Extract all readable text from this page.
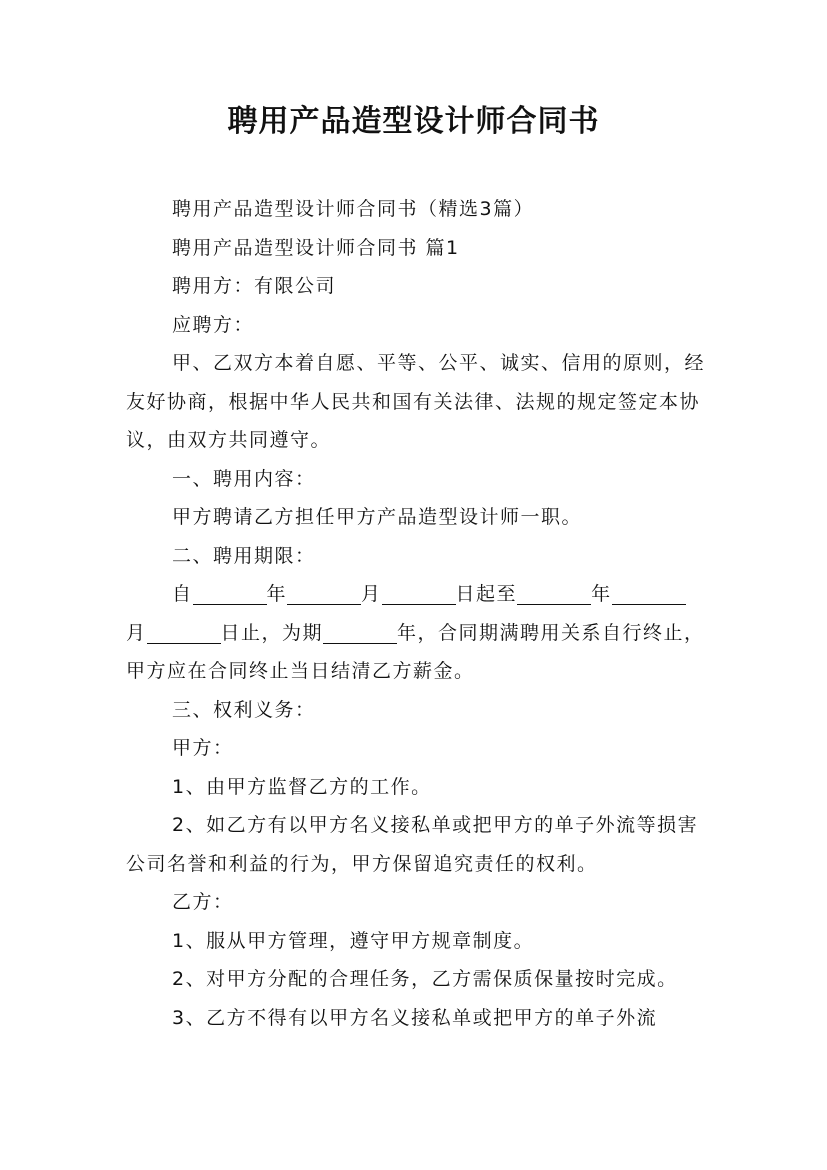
聘用产品造型设计师合同书

聘用产品造型设计师合同书（精选3篇）

聘用产品造型设计师合同书 篇1

聘用方：有限公司

应聘方：

甲、乙双方本着自愿、平等、公平、诚实、信用的原则，经友好协商，根据中华人民共和国有关法律、法规的规定签定本协议，由双方共同遵守。

一、聘用内容：

甲方聘请乙方担任甲方产品造型设计师一职。

二、聘用期限：

自	年	月	日起至	年月	日止，为期	年，合同期满聘用关系自行终止，甲方应在合同终止当日结清乙方薪金。

三、权利义务：

甲方：

1、由甲方监督乙方的工作。

2、如乙方有以甲方名义接私单或把甲方的单子外流等损害公司名誉和利益的行为，甲方保留追究责任的权利。

乙方：

1、服从甲方管理，遵守甲方规章制度。

2、对甲方分配的合理任务，乙方需保质保量按时完成。

3、乙方不得有以甲方名义接私单或把甲方的单子外流
